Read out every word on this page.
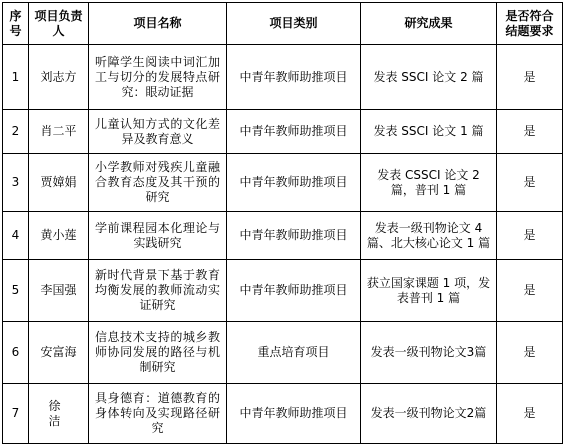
序号	项目负责人	项目名称	项目类别	研究成果	是否符合结题要求
1	刘志方	听障学生阅读中词汇加工与切分的发展特点研究：眼动证据	中青年教师助推项目	发表 SSCI 论文 2 篇	是
2	肖二平	儿童认知方式的文化差异及教育意义	中青年教师助推项目	发表 SSCI 论文 1 篇	是
3	贾嫜娟	小学教师对残疾儿童融合教育态度及其干预的研究	中青年教师助推项目	发表 CSSCI 论文 2 篇，普刊 1 篇	是
4	黄小莲	学前课程园本化理论与实践研究	中青年教师助推项目	发表一级刊物论文 4 篇、北大核心论文 1 篇	是
5	李国强	新时代背景下基于教育均衡发展的教师流动实证研究	中青年教师助推项目	获立国家课题 1 项，发表普刊 1 篇	是
6	安富海	信息技术支持的城乡教师协同发展的路径与机制研究	重点培育项目	发表一级刊物论文3篇	是
7	徐 洁	具身德育：道德教育的身体转向及实现路径研究	中青年教师助推项目	发表一级刊物论文2篇	是
